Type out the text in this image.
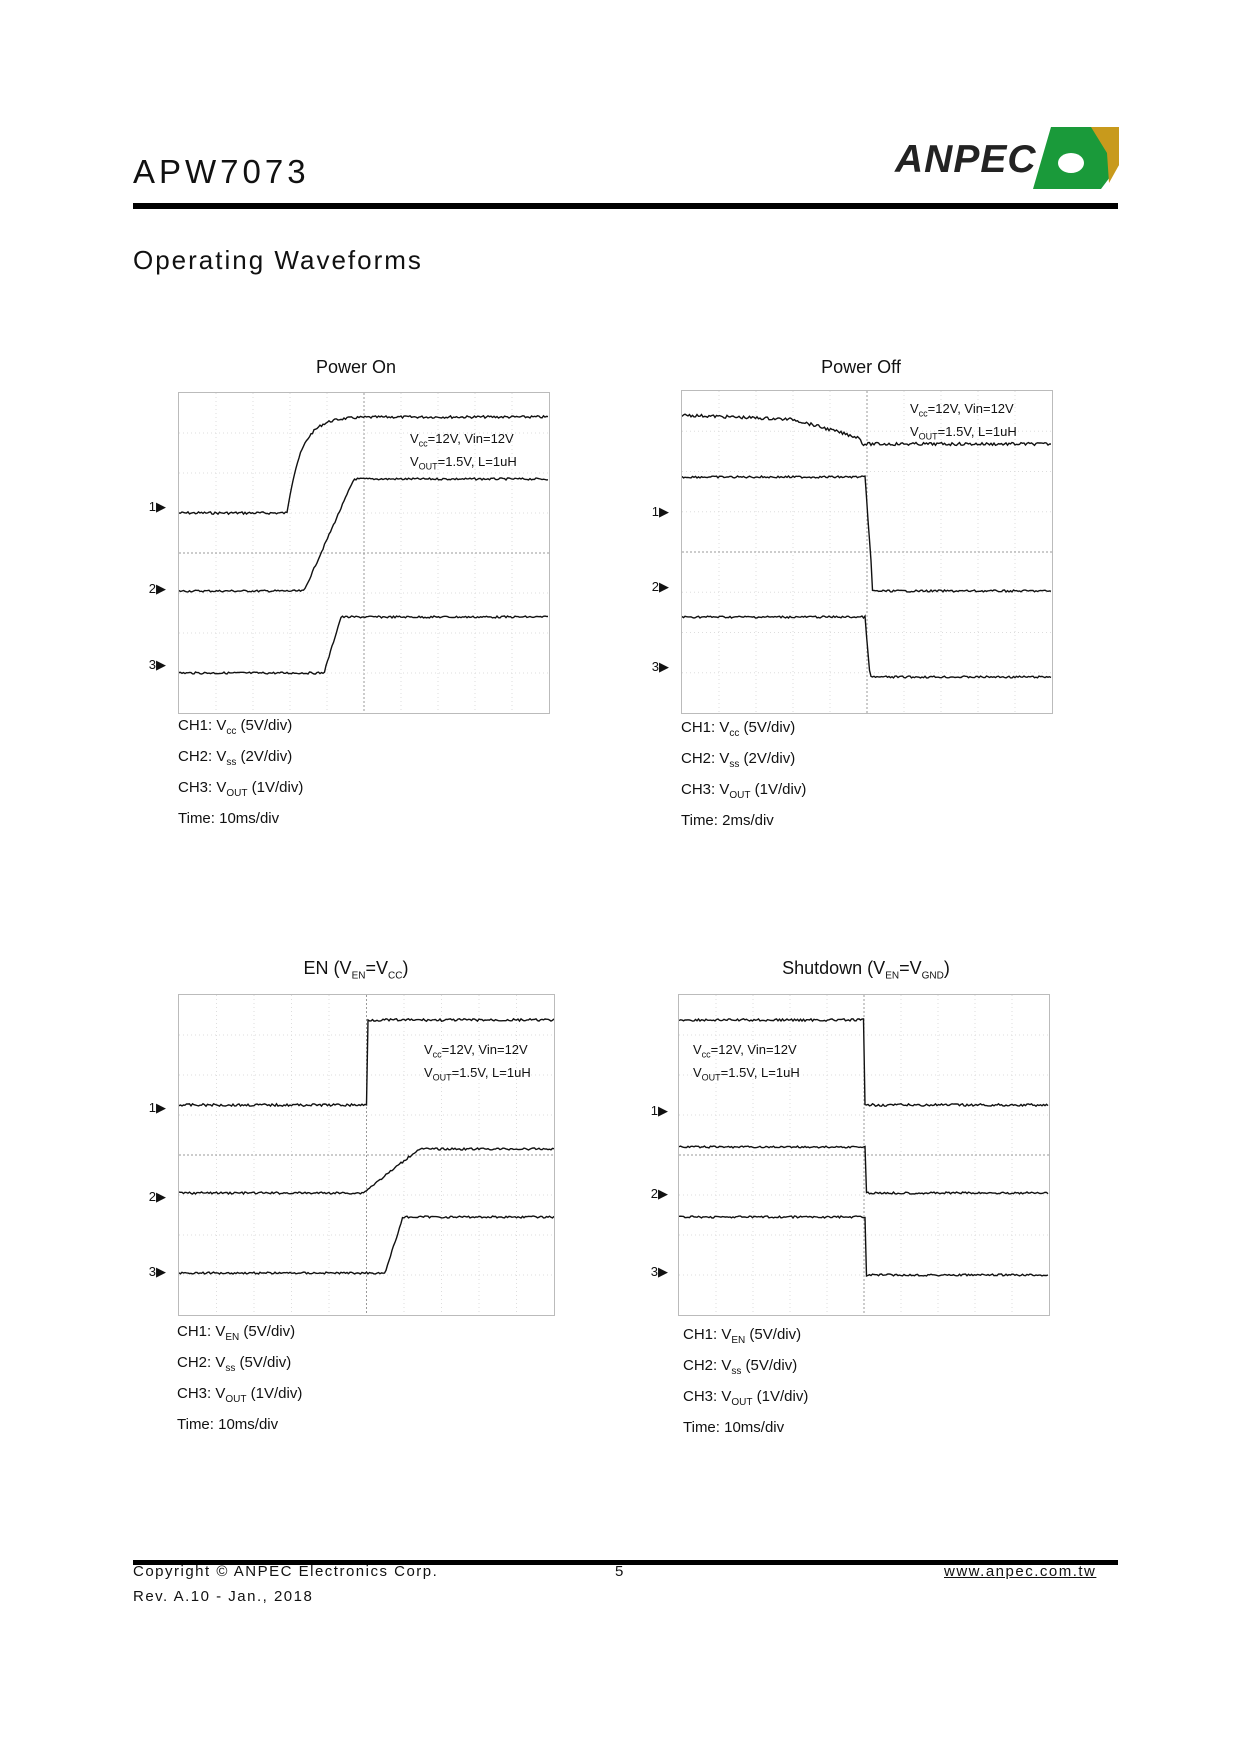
APW7073	ANPEC
Operating Waveforms
Power On
$V_{cc}=12V$, Vin=12V
$V_{OUT}=1.5V$, L=1uH
1▶
2▶
3▶
CH1: $V_{cc}$ (5V/div)
CH2: $V_{ss}$ (2V/div)
CH3: $V_{OUT}$ (1V/div)
Time: 10ms/div
Power Off
$V_{cc}=12V$, Vin=12V
$V_{OUT}=1.5V$, L=1uH
1▶
2▶
3▶
CH1: $V_{cc}$ (5V/div)
CH2: $V_{ss}$ (2V/div)
CH3: $V_{OUT}$ (1V/div)
Time: 2ms/div
EN $(V_{EN}=V_{CC})$
$V_{cc}=12V$, Vin=12V
$V_{OUT}=1.5V$, L=1uH
1▶
2▶
3▶
CH1: $V_{EN}$ (5V/div)
CH2: $V_{ss}$ (5V/div)
CH3: $V_{OUT}$ (1V/div)
Time: 10ms/div
Shutdown $(V_{EN}=V_{GND})$
$V_{cc}=12V$, Vin=12V
$V_{OUT}=1.5V$, L=1uH
1▶
2▶
3▶
CH1: $V_{EN}$ (5V/div)
CH2: $V_{ss}$ (5V/div)
CH3: $V_{OUT}$ (1V/div)
Time: 10ms/div
Copyright © ANPEC Electronics Corp.
Rev. A.10 - Jan., 2018
5	www.anpec.com.tw
